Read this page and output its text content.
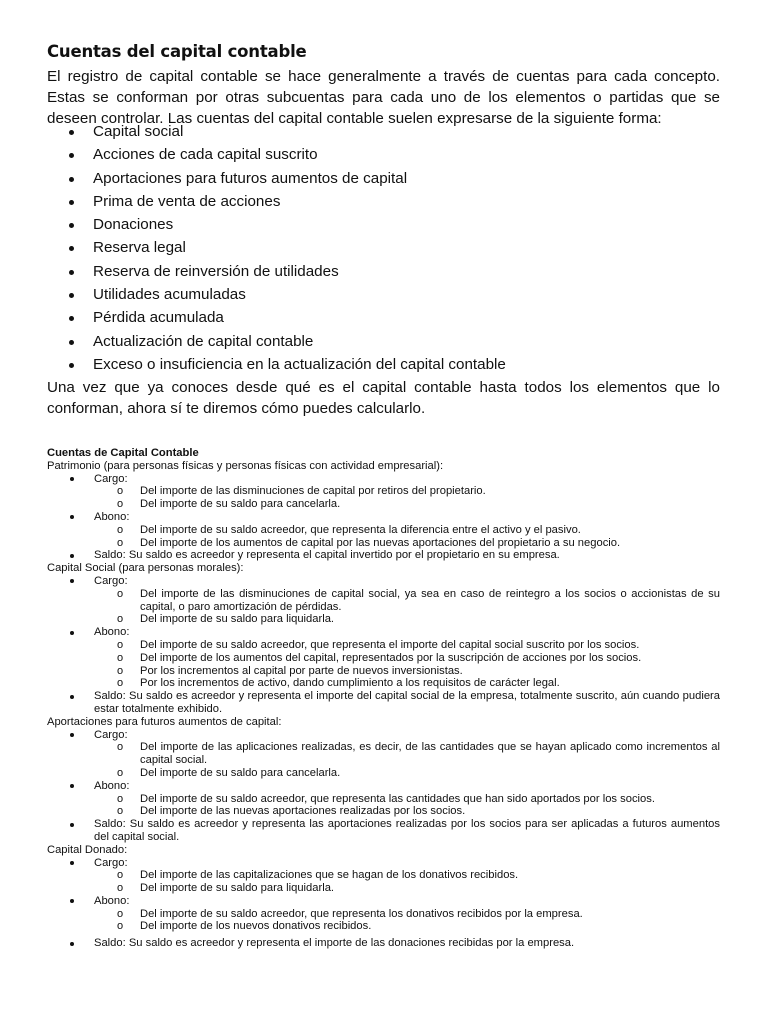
Cuentas del capital contable

El registro de capital contable se hace generalmente a través de cuentas para cada concepto. Estas se conforman por otras subcuentas para cada uno de los elementos o partidas que se deseen controlar. Las cuentas del capital contable suelen expresarse de la siguiente forma:

Capital social
Acciones de cada capital suscrito
Aportaciones para futuros aumentos de capital
Prima de venta de acciones
Donaciones
Reserva legal
Reserva de reinversión de utilidades
Utilidades acumuladas
Pérdida acumulada
Actualización de capital contable
Exceso o insuficiencia en la actualización del capital contable

Una vez que ya conoces desde qué es el capital contable hasta todos los elementos que lo conforman, ahora sí te diremos cómo puedes calcularlo.

Cuentas de Capital Contable
Patrimonio (para personas físicas y personas físicas con actividad empresarial):
Cargo:
o Del importe de las disminuciones de capital por retiros del propietario.
o Del importe de su saldo para cancelarla.
Abono:
o Del importe de su saldo acreedor, que representa la diferencia entre el activo y el pasivo.
o Del importe de los aumentos de capital por las nuevas aportaciones del propietario a su negocio.
Saldo: Su saldo es acreedor y representa el capital invertido por el propietario en su empresa.
Capital Social (para personas morales):
Cargo:
o Del importe de las disminuciones de capital social, ya sea en caso de reintegro a los socios o accionistas de su capital, o paro amortización de pérdidas.
o Del importe de su saldo para liquidarla.
Abono:
o Del importe de su saldo acreedor, que representa el importe del capital social suscrito por los socios.
o Del importe de los aumentos del capital, representados por la suscripción de acciones por los socios.
o Por los incrementos al capital por parte de nuevos inversionistas.
o Por los incrementos de activo, dando cumplimiento a los requisitos de carácter legal.
Saldo: Su saldo es acreedor y representa el importe del capital social de la empresa, totalmente suscrito, aún cuando pudiera estar totalmente exhibido.
Aportaciones para futuros aumentos de capital:
Cargo:
o Del importe de las aplicaciones realizadas, es decir, de las cantidades que se hayan aplicado como incrementos al capital social.
o Del importe de su saldo para cancelarla.
Abono:
o Del importe de su saldo acreedor, que representa las cantidades que han sido aportados por los socios.
o Del importe de las nuevas aportaciones realizadas por los socios.
Saldo: Su saldo es acreedor y representa las aportaciones realizadas por los socios para ser aplicadas a futuros aumentos del capital social.
Capital Donado:
Cargo:
o Del importe de las capitalizaciones que se hagan de los donativos recibidos.
o Del importe de su saldo para liquidarla.
Abono:
o Del importe de su saldo acreedor, que representa los donativos recibidos por la empresa.
o Del importe de los nuevos donativos recibidos.
Saldo: Su saldo es acreedor y representa el importe de las donaciones recibidas por la empresa.
